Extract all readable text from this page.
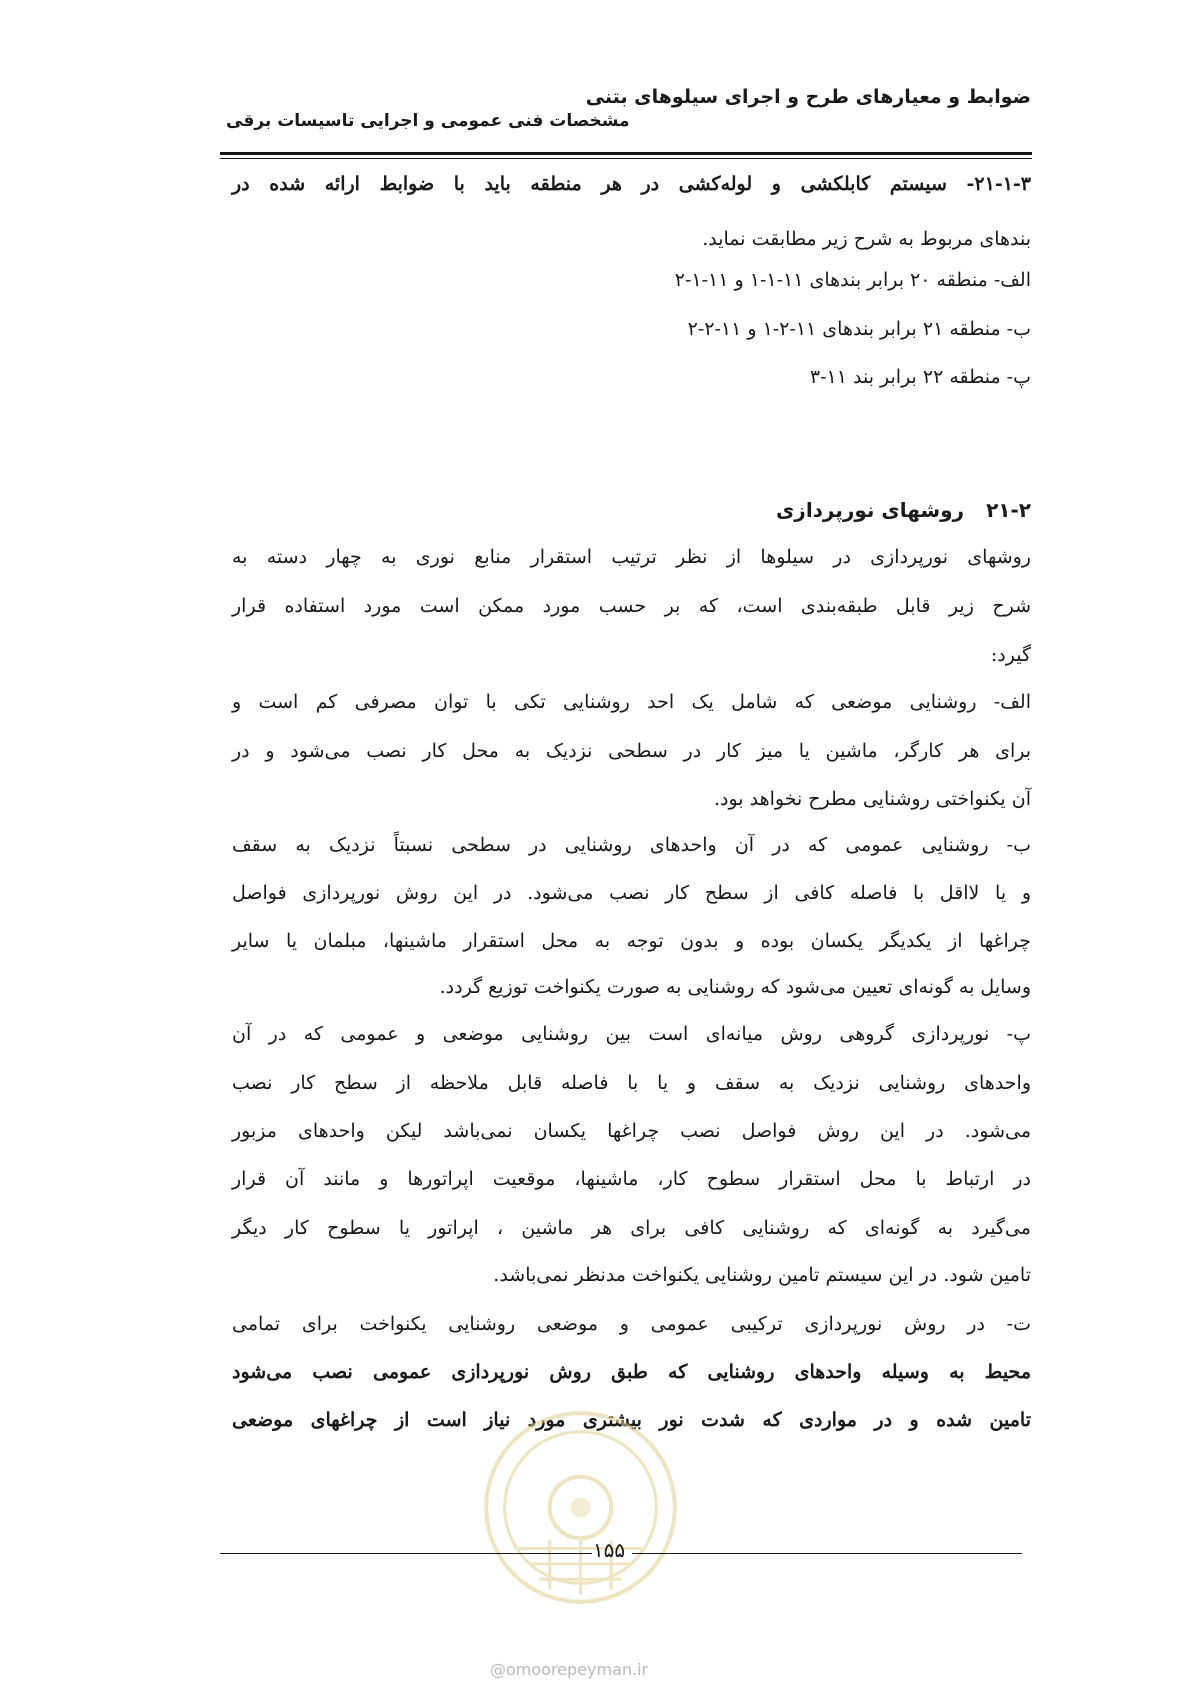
ضوابط و معیارهای طرح و اجرای سیلوهای بتنی
مشخصات فنی عمومی و اجرایی تاسیسات برقی
۲۱-۱-۳- سیستم کابلکشی و لوله‌کشی در هر منطقه باید با ضوابط ارائه شده در
بندهای مربوط به شرح زیر مطابقت نماید.
الف- منطقه ۲۰ برابر بندهای ۱۱-۱-۱ و ۱۱-۱-۲
ب- منطقه ۲۱ برابر بندهای ۱۱-۲-۱ و ۱۱-۲-۲
پ- منطقه ۲۲ برابر بند ۱۱-۳
۲۱-۲روشهای نورپردازی
روشهای نورپردازی در سیلوها از نظر ترتیب استقرار منابع نوری به چهار دسته به
شرح زیر قابل طبقه‌بندی است، که بر حسب مورد ممکن است مورد استفاده قرار
گیرد:
الف- روشنایی موضعی که شامل یک احد روشنایی تکی با توان مصرفی کم است و
برای هر کارگر، ماشین یا میز کار در سطحی نزدیک به محل کار نصب می‌شود و در
آن یکنواختی روشنایی مطرح نخواهد بود.
ب- روشنایی عمومی که در آن واحدهای روشنایی در سطحی نسبتاً نزدیک به سقف
و یا لااقل با فاصله کافی از سطح کار نصب می‌شود. در این روش نورپردازی فواصل
چراغها از یکدیگر یکسان بوده و بدون توجه به محل استقرار ماشینها، مبلمان یا سایر
وسایل به گونه‌ای تعیین می‌شود که روشنایی به صورت یکنواخت توزیع گردد.
پ- نورپردازی گروهی روش میانه‌ای است بین روشنایی موضعی و عمومی که در آن
واحدهای روشنایی نزدیک به سقف و یا با فاصله قابل ملاحظه از سطح کار نصب
می‌شود. در این روش فواصل نصب چراغها یکسان نمی‌باشد لیکن واحدهای مزبور
در ارتباط با محل استقرار سطوح کار، ماشینها، موقعیت اپراتورها و مانند آن قرار
می‌گیرد به گونه‌ای که روشنایی کافی برای هر ماشین ، اپراتور یا سطوح کار دیگر
تامین شود. در این سیستم تامین روشنایی یکنواخت مدنظر نمی‌باشد.
ت- در روش نورپردازی ترکیبی عمومی و موضعی روشنایی یکنواخت برای تمامی
محیط به وسیله واحدهای روشنایی که طبق روش نورپردازی عمومی نصب می‌شود
تامین شده و در مواردی که شدت نور بیشتری مورد نیاز است از چراغهای موضعی
۱۵۵
@omoorepeyman.ir
